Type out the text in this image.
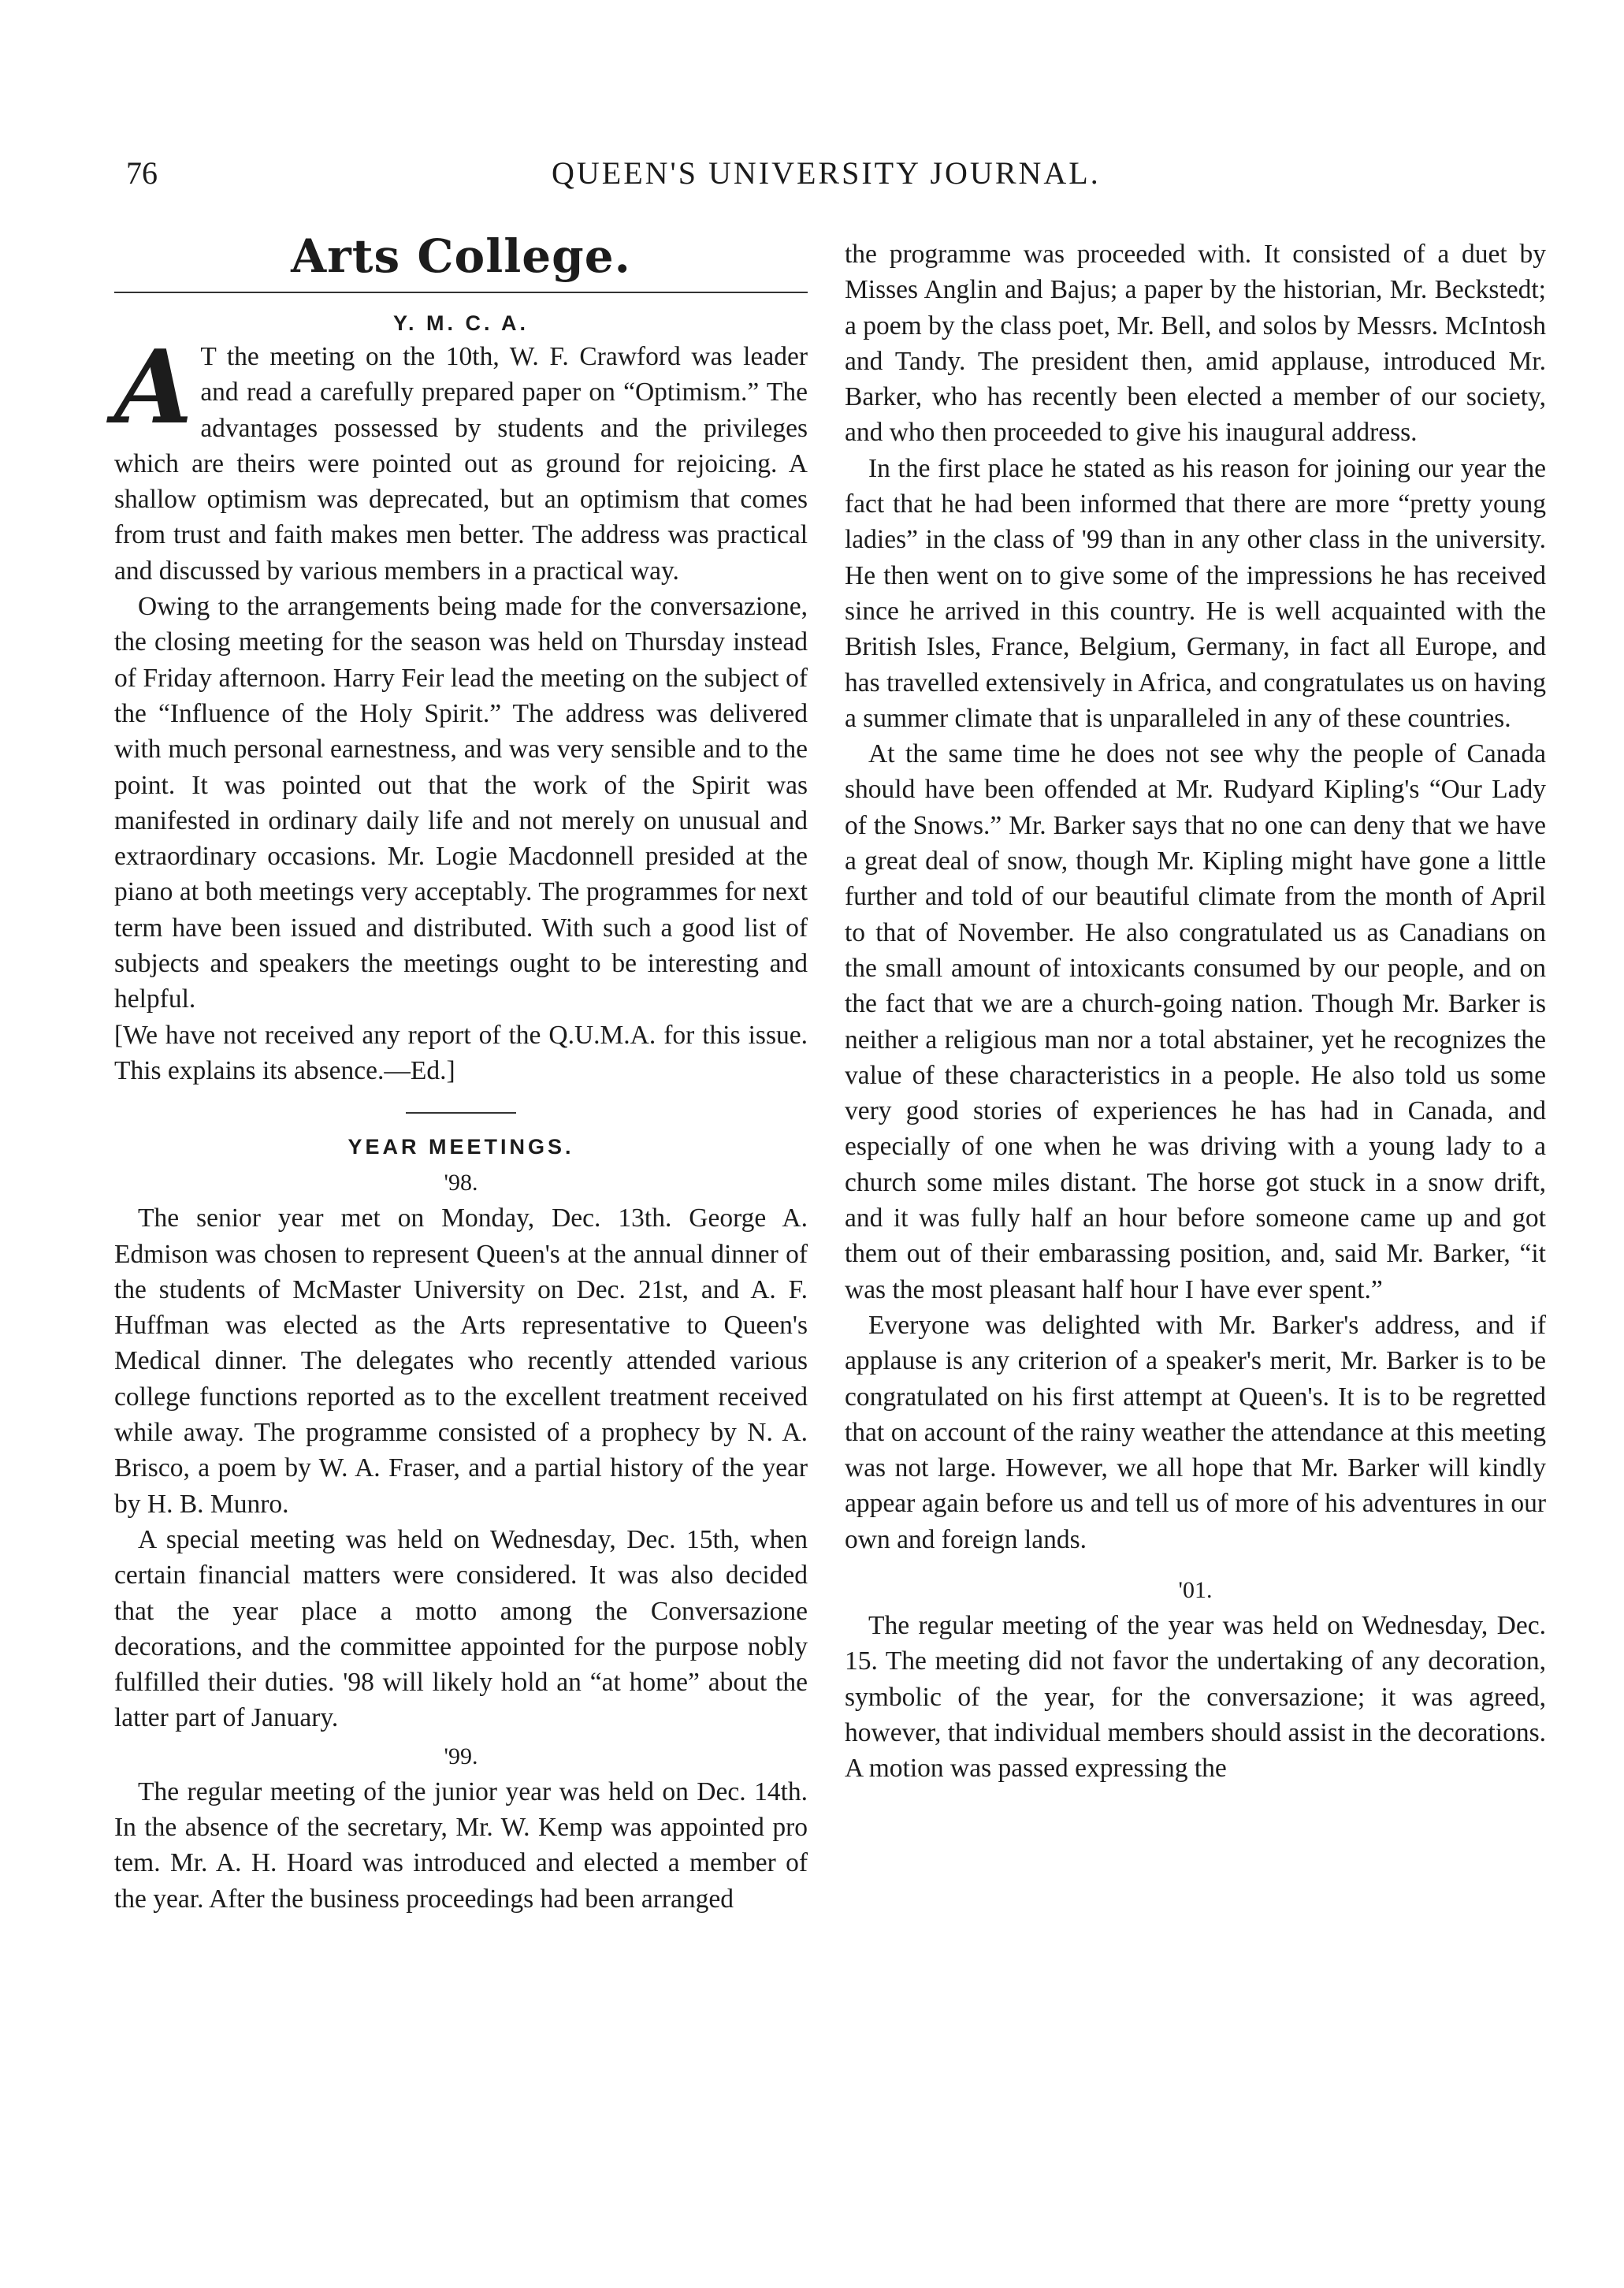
76	QUEEN'S UNIVERSITY JOURNAL.
Arts College.
Y. M. C. A.

A T the meeting on the 10th, W. F. Crawford was leader and read a carefully prepared paper on “Optimism.” The advantages possessed by students and the privileges which are theirs were pointed out as ground for rejoicing. A shallow optimism was deprecated, but an optimism that comes from trust and faith makes men better. The address was practical and discussed by various members in a practical way.

Owing to the arrangements being made for the conversazione, the closing meeting for the season was held on Thursday instead of Friday afternoon. Harry Feir lead the meeting on the subject of the “Influence of the Holy Spirit.” The address was delivered with much personal earnestness, and was very sensible and to the point. It was pointed out that the work of the Spirit was manifested in ordinary daily life and not merely on unusual and extraordinary occasions. Mr. Logie Macdonnell presided at the piano at both meetings very acceptably. The programmes for next term have been issued and distributed. With such a good list of subjects and speakers the meetings ought to be interesting and helpful.

[We have not received any report of the Q.U.M.A. for this issue. This explains its absence.—Ed.]

YEAR MEETINGS.
'98.

The senior year met on Monday, Dec. 13th. George A. Edmison was chosen to represent Queen's at the annual dinner of the students of McMaster University on Dec. 21st, and A. F. Huffman was elected as the Arts representative to Queen's Medical dinner. The delegates who recently attended various college functions reported as to the excellent treatment received while away. The programme consisted of a prophecy by N. A. Brisco, a poem by W. A. Fraser, and a partial history of the year by H. B. Munro.

A special meeting was held on Wednesday, Dec. 15th, when certain financial matters were considered. It was also decided that the year place a motto among the Conversazione decorations, and the committee appointed for the purpose nobly fulfilled their duties. '98 will likely hold an “at home” about the latter part of January.

'99.

The regular meeting of the junior year was held on Dec. 14th. In the absence of the secretary, Mr. W. Kemp was appointed pro tem. Mr. A. H. Hoard was introduced and elected a member of the year. After the business proceedings had been arranged

the programme was proceeded with. It consisted of a duet by Misses Anglin and Bajus; a paper by the historian, Mr. Beckstedt; a poem by the class poet, Mr. Bell, and solos by Messrs. McIntosh and Tandy. The president then, amid applause, introduced Mr. Barker, who has recently been elected a member of our society, and who then proceeded to give his inaugural address.

In the first place he stated as his reason for joining our year the fact that he had been informed that there are more “pretty young ladies” in the class of '99 than in any other class in the university. He then went on to give some of the impressions he has received since he arrived in this country. He is well acquainted with the British Isles, France, Belgium, Germany, in fact all Europe, and has travelled extensively in Africa, and congratulates us on having a summer climate that is unparalleled in any of these countries.

At the same time he does not see why the people of Canada should have been offended at Mr. Rudyard Kipling's “Our Lady of the Snows.” Mr. Barker says that no one can deny that we have a great deal of snow, though Mr. Kipling might have gone a little further and told of our beautiful climate from the month of April to that of November. He also congratulated us as Canadians on the small amount of intoxicants consumed by our people, and on the fact that we are a church-going nation. Though Mr. Barker is neither a religious man nor a total abstainer, yet he recognizes the value of these characteristics in a people. He also told us some very good stories of experiences he has had in Canada, and especially of one when he was driving with a young lady to a church some miles distant. The horse got stuck in a snow drift, and it was fully half an hour before someone came up and got them out of their embarassing position, and, said Mr. Barker, “it was the most pleasant half hour I have ever spent.”

Everyone was delighted with Mr. Barker's address, and if applause is any criterion of a speaker's merit, Mr. Barker is to be congratulated on his first attempt at Queen's. It is to be regretted that on account of the rainy weather the attendance at this meeting was not large. However, we all hope that Mr. Barker will kindly appear again before us and tell us of more of his adventures in our own and foreign lands.

'01.

The regular meeting of the year was held on Wednesday, Dec. 15. The meeting did not favor the undertaking of any decoration, symbolic of the year, for the conversazione; it was agreed, however, that individual members should assist in the decorations. A motion was passed expressing the
